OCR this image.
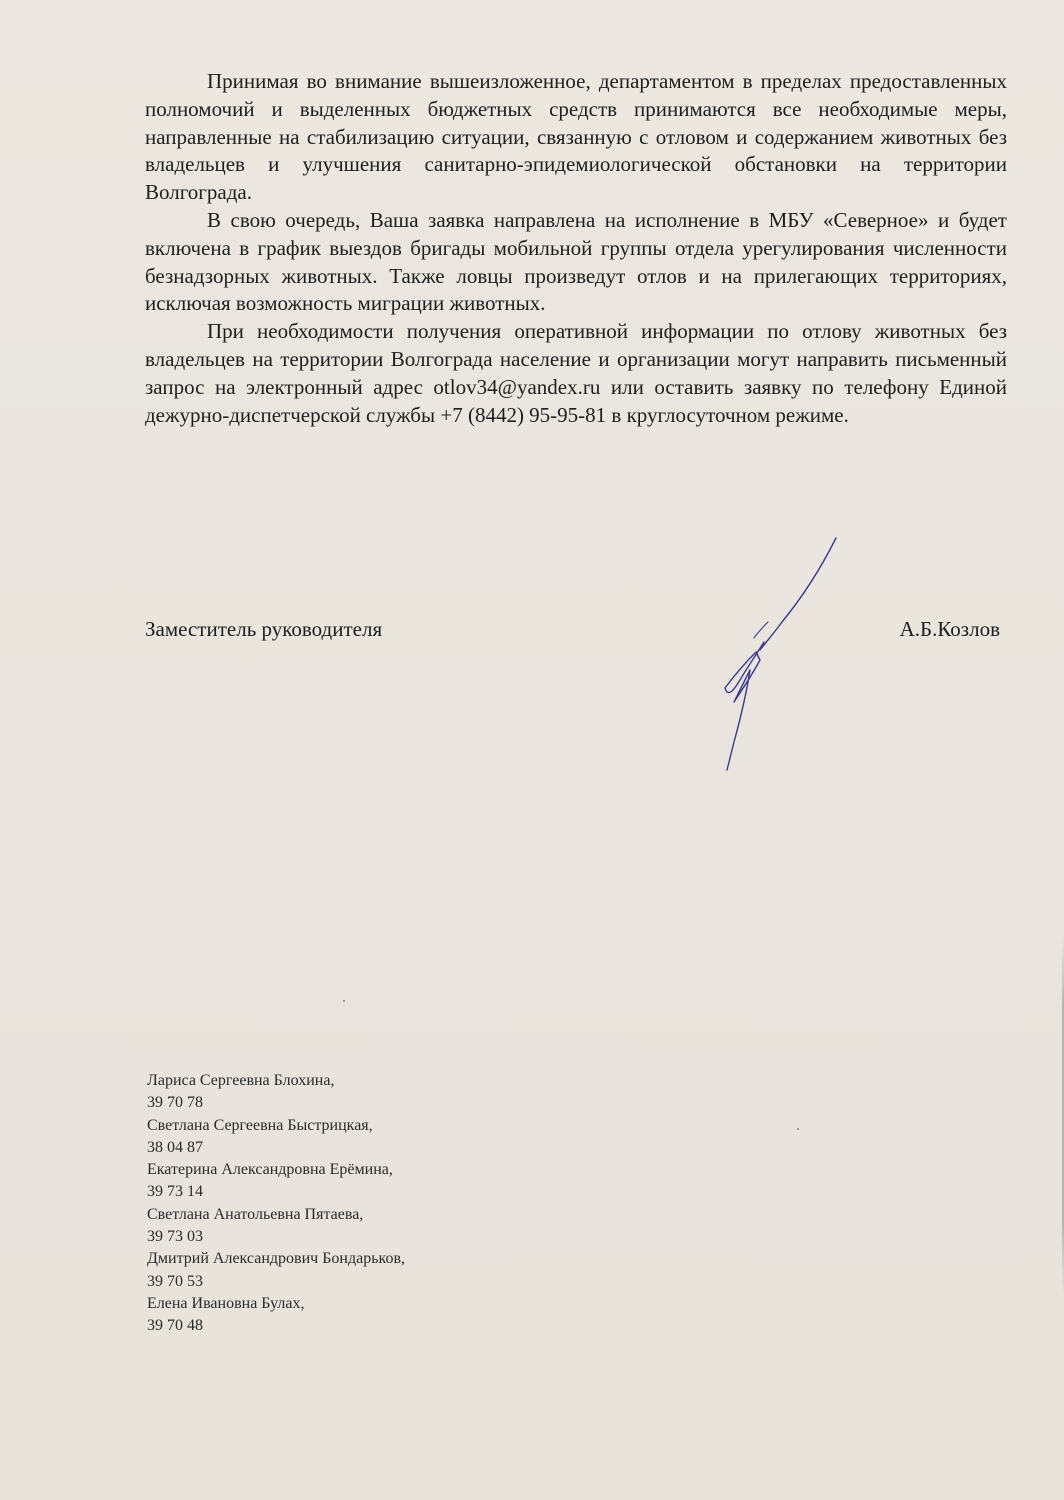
Принимая во внимание вышеизложенное, департаментом в пределах предоставленных полномочий и выделенных бюджетных средств принимаются все необходимые меры, направленные на стабилизацию ситуации, связанную с отловом и содержанием животных без владельцев и улучшения санитарно-эпидемиологической обстановки на территории Волгограда.

В свою очередь, Ваша заявка направлена на исполнение в МБУ «Северное» и будет включена в график выездов бригады мобильной группы отдела урегулирования численности безнадзорных животных. Также ловцы произведут отлов и на прилегающих территориях, исключая возможность миграции животных.

При необходимости получения оперативной информации по отлову животных без владельцев на территории Волгограда население и организации могут направить письменный запрос на электронный адрес otlov34@yandex.ru или оставить заявку по телефону Единой дежурно-диспетчерской службы +7 (8442) 95-95-81 в круглосуточном режиме.

Заместитель руководителя	А.Б.Козлов
Лариса Сергеевна Блохина,
39 70 78
Светлана Сергеевна Быстрицкая,
38 04 87
Екатерина Александровна Ерёмина,
39 73 14
Светлана Анатольевна Пятаева,
39 73 03
Дмитрий Александрович Бондарьков,
39 70 53
Елена Ивановна Булах,
39 70 48
